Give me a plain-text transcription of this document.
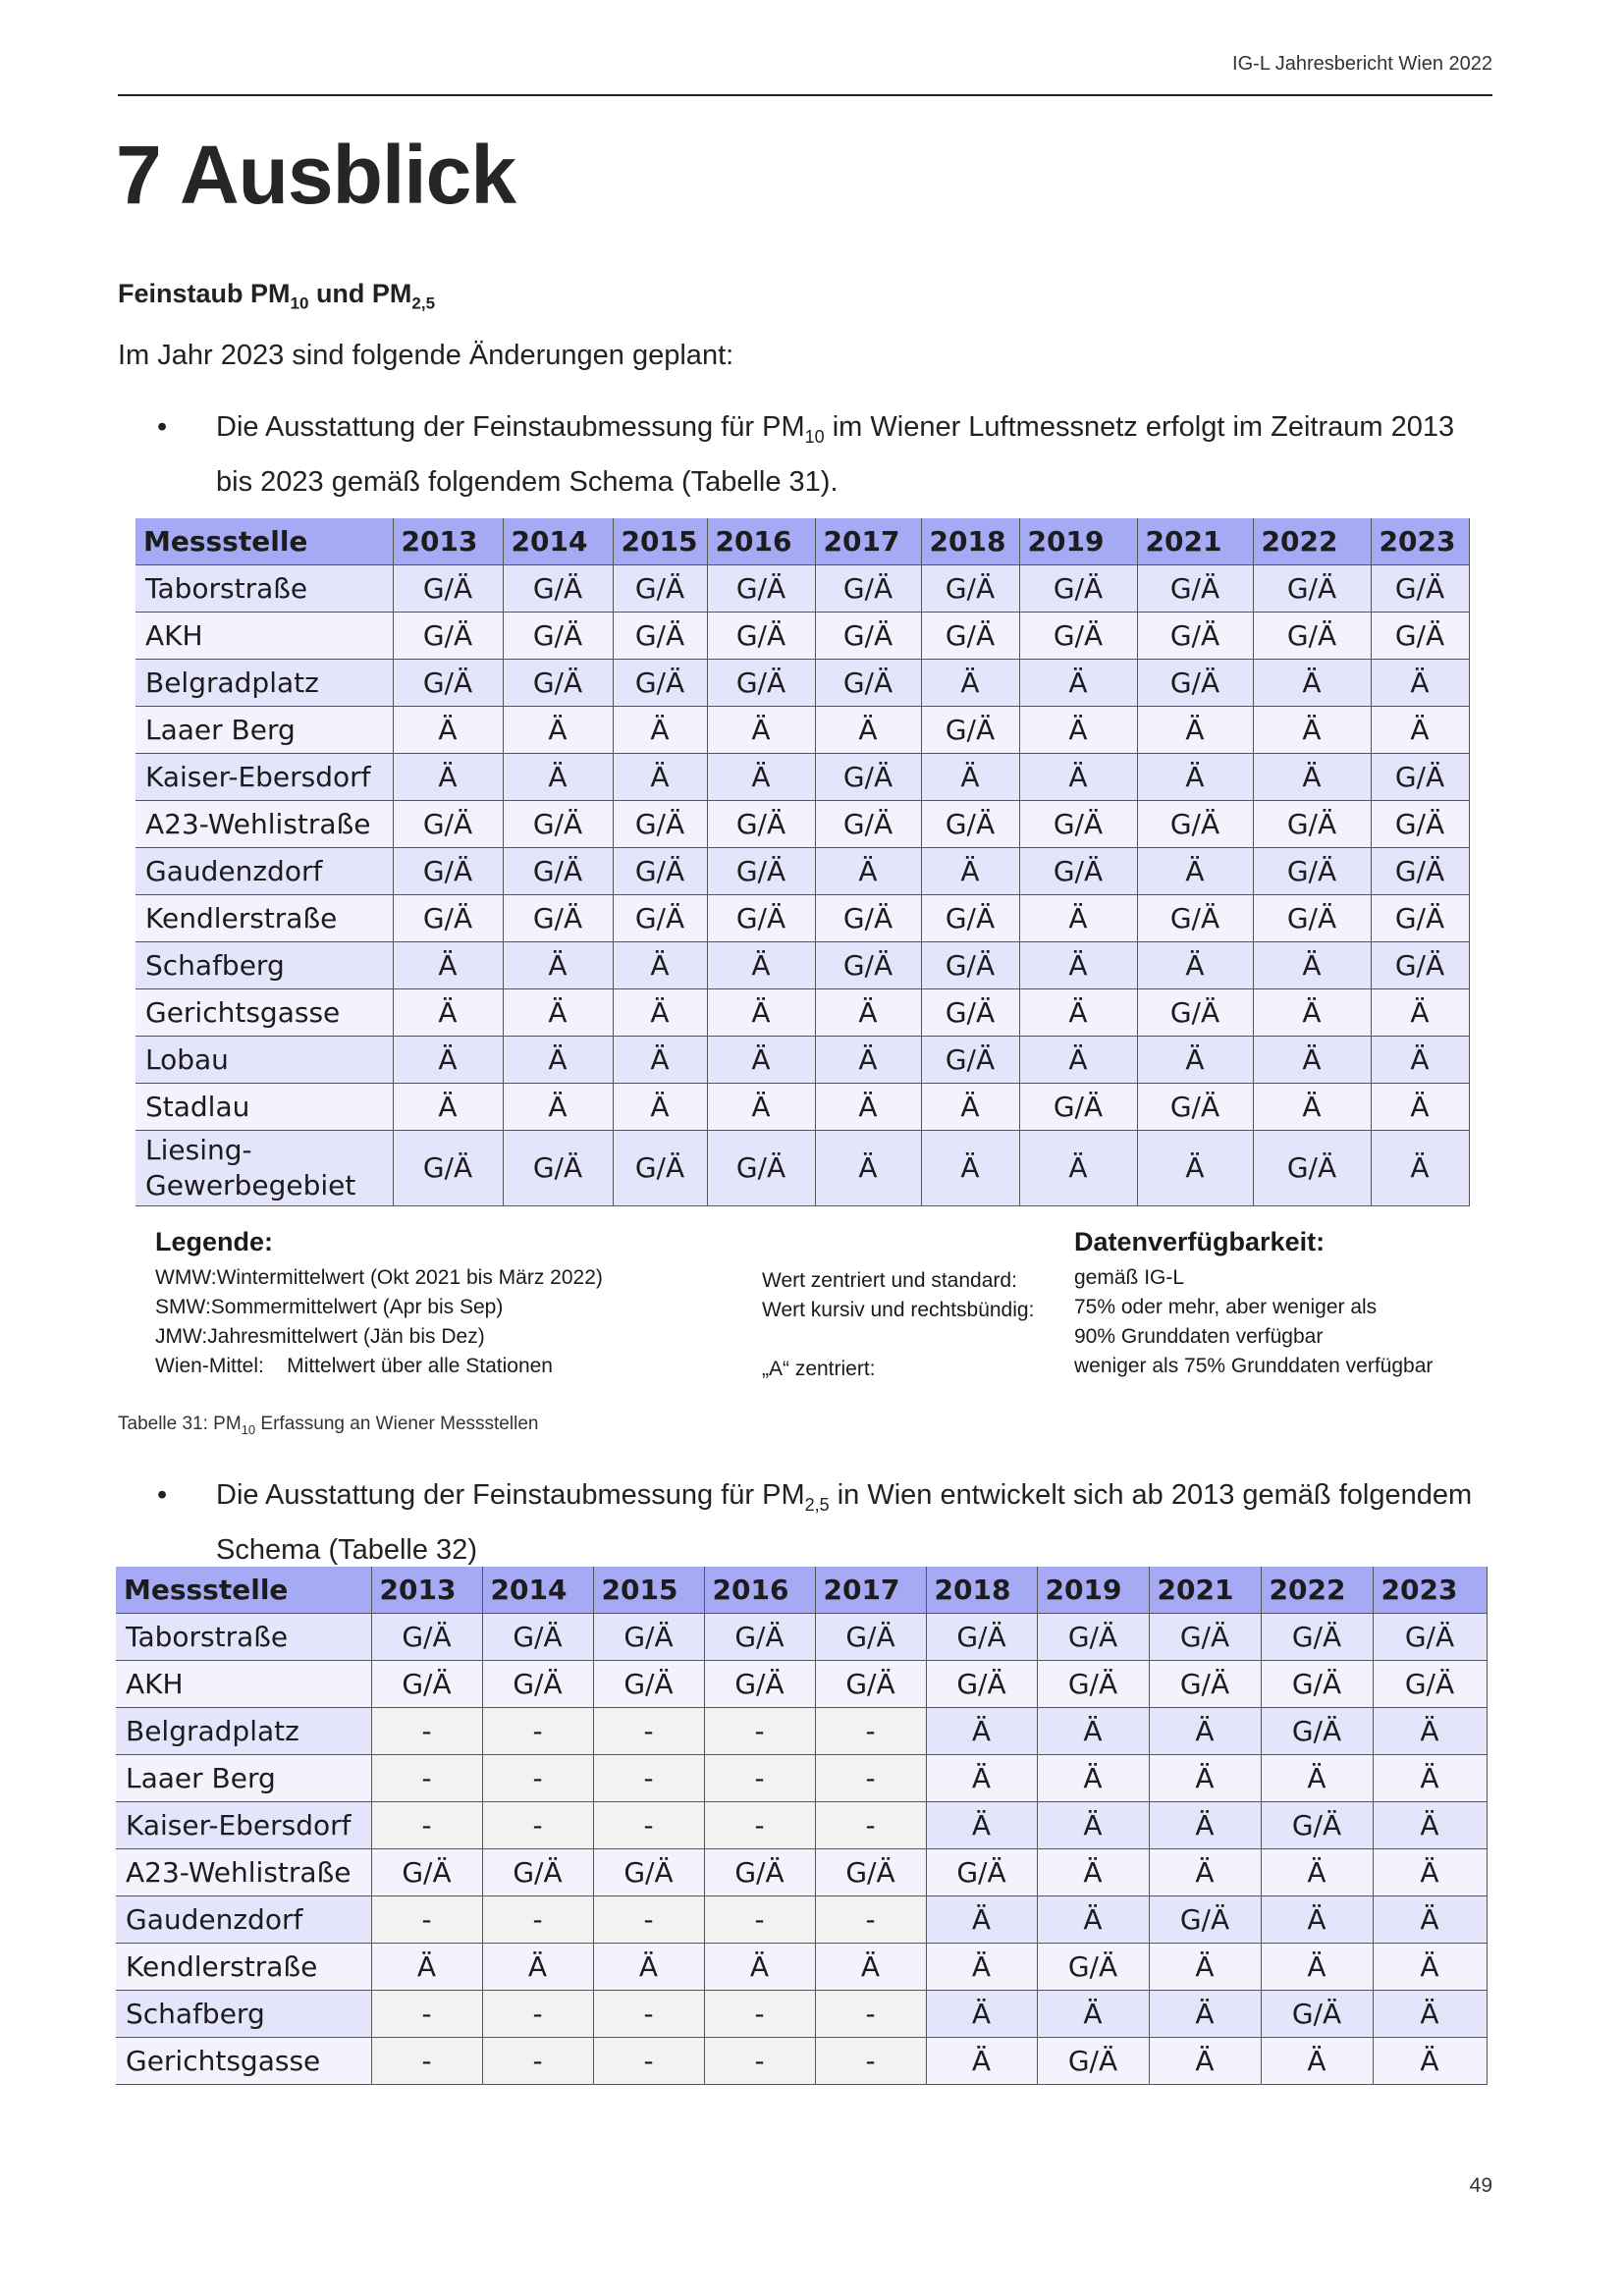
IG-L Jahresbericht Wien 2022
7 Ausblick
Feinstaub $PM_{10}$ und $PM_{2,5}$
Im Jahr 2023 sind folgende Änderungen geplant:
• Die Ausstattung der Feinstaubmessung für $PM_{10}$ im Wiener Luftmessnetz erfolgt im Zeitraum 2013 bis 2023 gemäß folgendem Schema (Tabelle 31).
Messstelle	2013	2014	2015	2016	2017	2018	2019	2021	2022	2023
Taborstraße	G/Ä	G/Ä	G/Ä	G/Ä	G/Ä	G/Ä	G/Ä	G/Ä	G/Ä	G/Ä
AKH	G/Ä	G/Ä	G/Ä	G/Ä	G/Ä	G/Ä	G/Ä	G/Ä	G/Ä	G/Ä
Belgradplatz	G/Ä	G/Ä	G/Ä	G/Ä	G/Ä	Ä	Ä	G/Ä	Ä	Ä
Laaer Berg	Ä	Ä	Ä	Ä	Ä	G/Ä	Ä	Ä	Ä	Ä
Kaiser-Ebersdorf	Ä	Ä	Ä	Ä	G/Ä	Ä	Ä	Ä	Ä	G/Ä
A23-Wehlistraße	G/Ä	G/Ä	G/Ä	G/Ä	G/Ä	G/Ä	G/Ä	G/Ä	G/Ä	G/Ä
Gaudenzdorf	G/Ä	G/Ä	G/Ä	G/Ä	Ä	Ä	G/Ä	Ä	G/Ä	G/Ä
Kendlerstraße	G/Ä	G/Ä	G/Ä	G/Ä	G/Ä	G/Ä	Ä	G/Ä	G/Ä	G/Ä
Schafberg	Ä	Ä	Ä	Ä	G/Ä	G/Ä	Ä	Ä	Ä	G/Ä
Gerichtsgasse	Ä	Ä	Ä	Ä	Ä	G/Ä	Ä	G/Ä	Ä	Ä
Lobau	Ä	Ä	Ä	Ä	Ä	G/Ä	Ä	Ä	Ä	Ä
Stadlau	Ä	Ä	Ä	Ä	Ä	Ä	G/Ä	G/Ä	Ä	Ä
Liesing-
Gewerbegebiet	G/Ä	G/Ä	G/Ä	G/Ä	Ä	Ä	Ä	Ä	G/Ä	Ä
Legende:
WMW:Wintermittelwert (Okt 2021 bis März 2022)
SMW:Sommermittelwert (Apr bis Sep)
JMW:Jahresmittelwert (Jän bis Dez)
Wien-Mittel:    Mittelwert über alle Stationen
Wert zentriert und standard:
Wert kursiv und rechtsbündig:

„A“ zentriert:
Datenverfügbarkeit:
gemäß IG-L
75% oder mehr, aber weniger als
90% Grunddaten verfügbar
weniger als 75% Grunddaten verfügbar
Tabelle 31: $PM_{10}$ Erfassung an Wiener Messstellen
• Die Ausstattung der Feinstaubmessung für $PM_{2,5}$ in Wien entwickelt sich ab 2013 gemäß folgendem Schema (Tabelle 32)
Messstelle	2013	2014	2015	2016	2017	2018	2019	2021	2022	2023
Taborstraße	G/Ä	G/Ä	G/Ä	G/Ä	G/Ä	G/Ä	G/Ä	G/Ä	G/Ä	G/Ä
AKH	G/Ä	G/Ä	G/Ä	G/Ä	G/Ä	G/Ä	G/Ä	G/Ä	G/Ä	G/Ä
Belgradplatz	-	-	-	-	-	Ä	Ä	Ä	G/Ä	Ä
Laaer Berg	-	-	-	-	-	Ä	Ä	Ä	Ä	Ä
Kaiser-Ebersdorf	-	-	-	-	-	Ä	Ä	Ä	G/Ä	Ä
A23-Wehlistraße	G/Ä	G/Ä	G/Ä	G/Ä	G/Ä	G/Ä	Ä	Ä	Ä	Ä
Gaudenzdorf	-	-	-	-	-	Ä	Ä	G/Ä	Ä	Ä
Kendlerstraße	Ä	Ä	Ä	Ä	Ä	Ä	G/Ä	Ä	Ä	Ä
Schafberg	-	-	-	-	-	Ä	Ä	Ä	G/Ä	Ä
Gerichtsgasse	-	-	-	-	-	Ä	G/Ä	Ä	Ä	Ä
49
